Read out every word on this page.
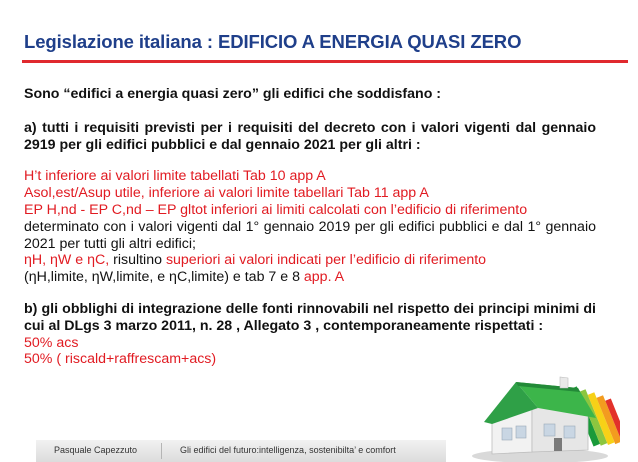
Legislazione italiana : EDIFICIO A ENERGIA QUASI ZERO

Sono “edifici a energia quasi zero” gli edifici che soddisfano :

a) tutti i requisiti previsti per i requisiti del decreto con i valori vigenti dal gennaio 2919 per gli edifici pubblici e dal gennaio 2021 per gli altri :

H’t inferiore ai valori limite tabellati Tab 10 app A

Asol,est/Asup utile, inferiore ai valori limite tabellari Tab 11 app A

EP H,nd - EP C,nd – EP gltot inferiori ai limiti calcolati con l’edificio di riferimento

determinato con i valori vigenti dal 1° gennaio 2019 per gli edifici pubblici e dal 1° gennaio 2021 per tutti gli altri edifici;

ηH, ηW e ηC, risultino superiori ai valori indicati per l’edificio di riferimento

(ηH,limite, ηW,limite, e ηC,limite) e tab 7 e 8 app. A

b) gli obblighi di integrazione delle fonti rinnovabili nel rispetto dei principi minimi di cui al DLgs 3 marzo 2011, n. 28 , Allegato 3 , contemporaneamente rispettati :

50% acs

50% ( riscald+raffrescam+acs)

Pasquale Capezzuto	Gli edifici del futuro:intelligenza, sostenibilta’ e comfort
